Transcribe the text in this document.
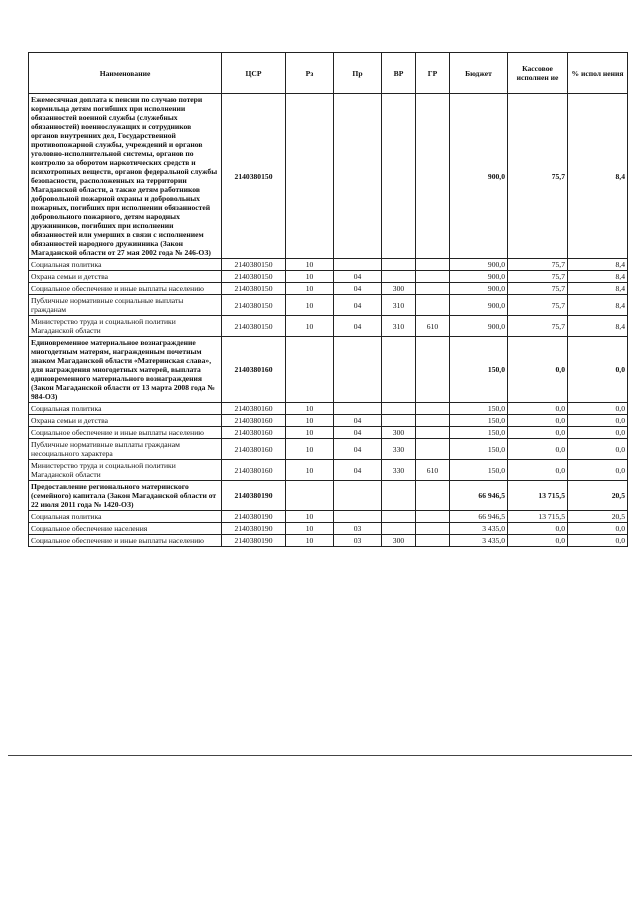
Наименование	ЦСР	Рз	Пр	ВР	ГР	Бюджет	Кассовое исполнен ие	% испол нения
Ежемесячная доплата к пенсии по случаю потери кормильца детям погибших при исполнении обязанностей военной службы (служебных обязанностей) военнослужащих и сотрудников органов внутренних дел, Государственной противопожарной службы, учреждений и органов уголовно-исполнительной системы, органов по контролю за оборотом наркотических средств и психотропных веществ, органов федеральной службы безопасности, расположенных на территории Магаданской области, а также детям работников добровольной пожарной охраны и добровольных пожарных, погибших при исполнении обязанностей добровольного пожарного, детям народных дружинников, погибших при исполнении обязанностей или умерших в связи с исполнением обязанностей народного дружинника (Закон Магаданской области от 27 мая 2002 года № 246-ОЗ)	2140380150					900,0	75,7	8,4
Социальная политика	2140380150	10				900,0	75,7	8,4
Охрана семьи и детства	2140380150	10	04			900,0	75,7	8,4
Социальное обеспечение и иные выплаты населению	2140380150	10	04	300		900,0	75,7	8,4
Публичные нормативные социальные выплаты гражданам	2140380150	10	04	310		900,0	75,7	8,4
Министерство труда и социальной политики Магаданской области	2140380150	10	04	310	610	900,0	75,7	8,4
Единовременное материальное вознаграждение многодетным матерям, награжденным почетным знаком Магаданской области «Материнская слава», для награждения многодетных матерей, выплата единовременного материального вознаграждения (Закон Магаданской области от 13 марта 2008 года № 984-ОЗ)	2140380160					150,0	0,0	0,0
Социальная политика	2140380160	10				150,0	0,0	0,0
Охрана семьи и детства	2140380160	10	04			150,0	0,0	0,0
Социальное обеспечение и иные выплаты населению	2140380160	10	04	300		150,0	0,0	0,0
Публичные нормативные выплаты гражданам несоциального характера	2140380160	10	04	330		150,0	0,0	0,0
Министерство труда и социальной политики Магаданской области	2140380160	10	04	330	610	150,0	0,0	0,0
Предоставление регионального материнского (семейного) капитала (Закон Магаданской области от 22 июля 2011 года № 1420-ОЗ)	2140380190					66 946,5	13 715,5	20,5
Социальная политика	2140380190	10				66 946,5	13 715,5	20,5
Социальное обеспечение населения	2140380190	10	03			3 435,0	0,0	0,0
Социальное обеспечение и иные выплаты населению	2140380190	10	03	300		3 435,0	0,0	0,0
